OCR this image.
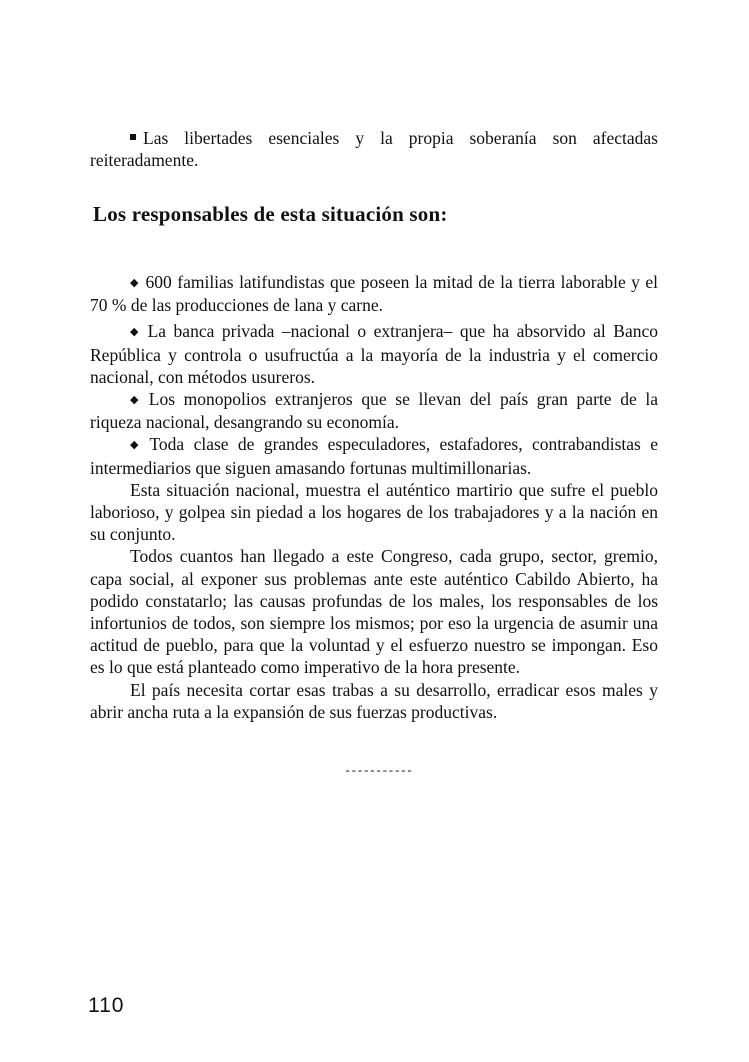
Las libertades esenciales y la propia soberanía son afectadas reiteradamente.

Los responsables de esta situación son:

◆ 600 familias latifundistas que poseen la mitad de la tierra laborable y el 70 % de las producciones de lana y carne.

◆ La banca privada –nacional o extranjera– que ha absorvido al Banco República y controla o usufructúa a la mayoría de la industria y el comercio nacional, con métodos usureros.

◆ Los monopolios extranjeros que se llevan del país gran parte de la riqueza nacional, desangrando su economía.

◆ Toda clase de grandes especuladores, estafadores, contrabandistas e intermediarios que siguen amasando fortunas multimillonarias.

Esta situación nacional, muestra el auténtico martirio que sufre el pueblo laborioso, y golpea sin piedad a los hogares de los trabajadores y a la nación en su conjunto.

Todos cuantos han llegado a este Congreso, cada grupo, sector, gremio, capa social, al exponer sus problemas ante este auténtico Cabildo Abierto, ha podido constatarlo; las causas profundas de los males, los responsables de los infortunios de todos, son siempre los mismos; por eso la urgencia de asumir una actitud de pueblo, para que la voluntad y el esfuerzo nuestro se impongan. Eso es lo que está planteado como imperativo de la hora presente.

El país necesita cortar esas trabas a su desarrollo, erradicar esos males y abrir ancha ruta a la expansión de sus fuerzas productivas.

-----------
110
